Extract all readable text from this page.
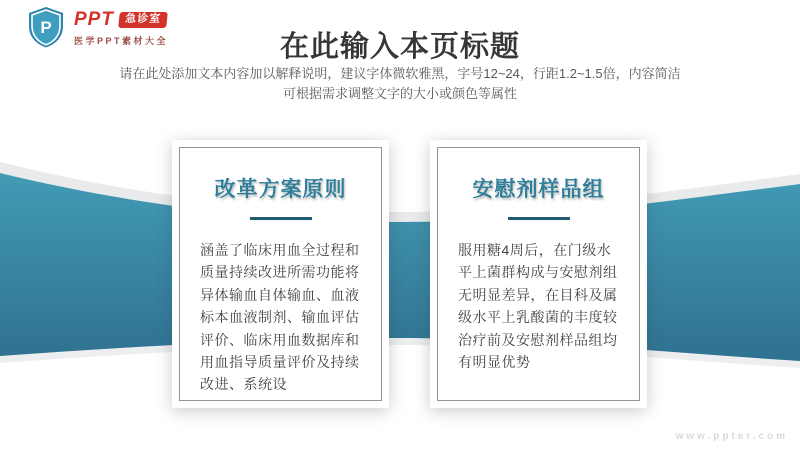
P PPT 急诊室
医学PPT素材大全	在此输入本页标题
请在此处添加文本内容加以解释说明，建议字体微软雅黑，字号12~24，行距1.2~1.5倍，内容简洁
可根据需求调整文字的大小或颜色等属性
改革方案原则
涵盖了临床用血全过程和质量持续改进所需功能将异体输血自体输血、血液标本血液制剂、输血评估评价、临床用血数据库和用血指导质量评价及持续改进、系统设
安慰剂样品组
服用糖4周后，在门级水平上菌群构成与安慰剂组无明显差异，在目科及属级水平上乳酸菌的丰度较治疗前及安慰剂样品组均有明显优势
www.ppter.com
